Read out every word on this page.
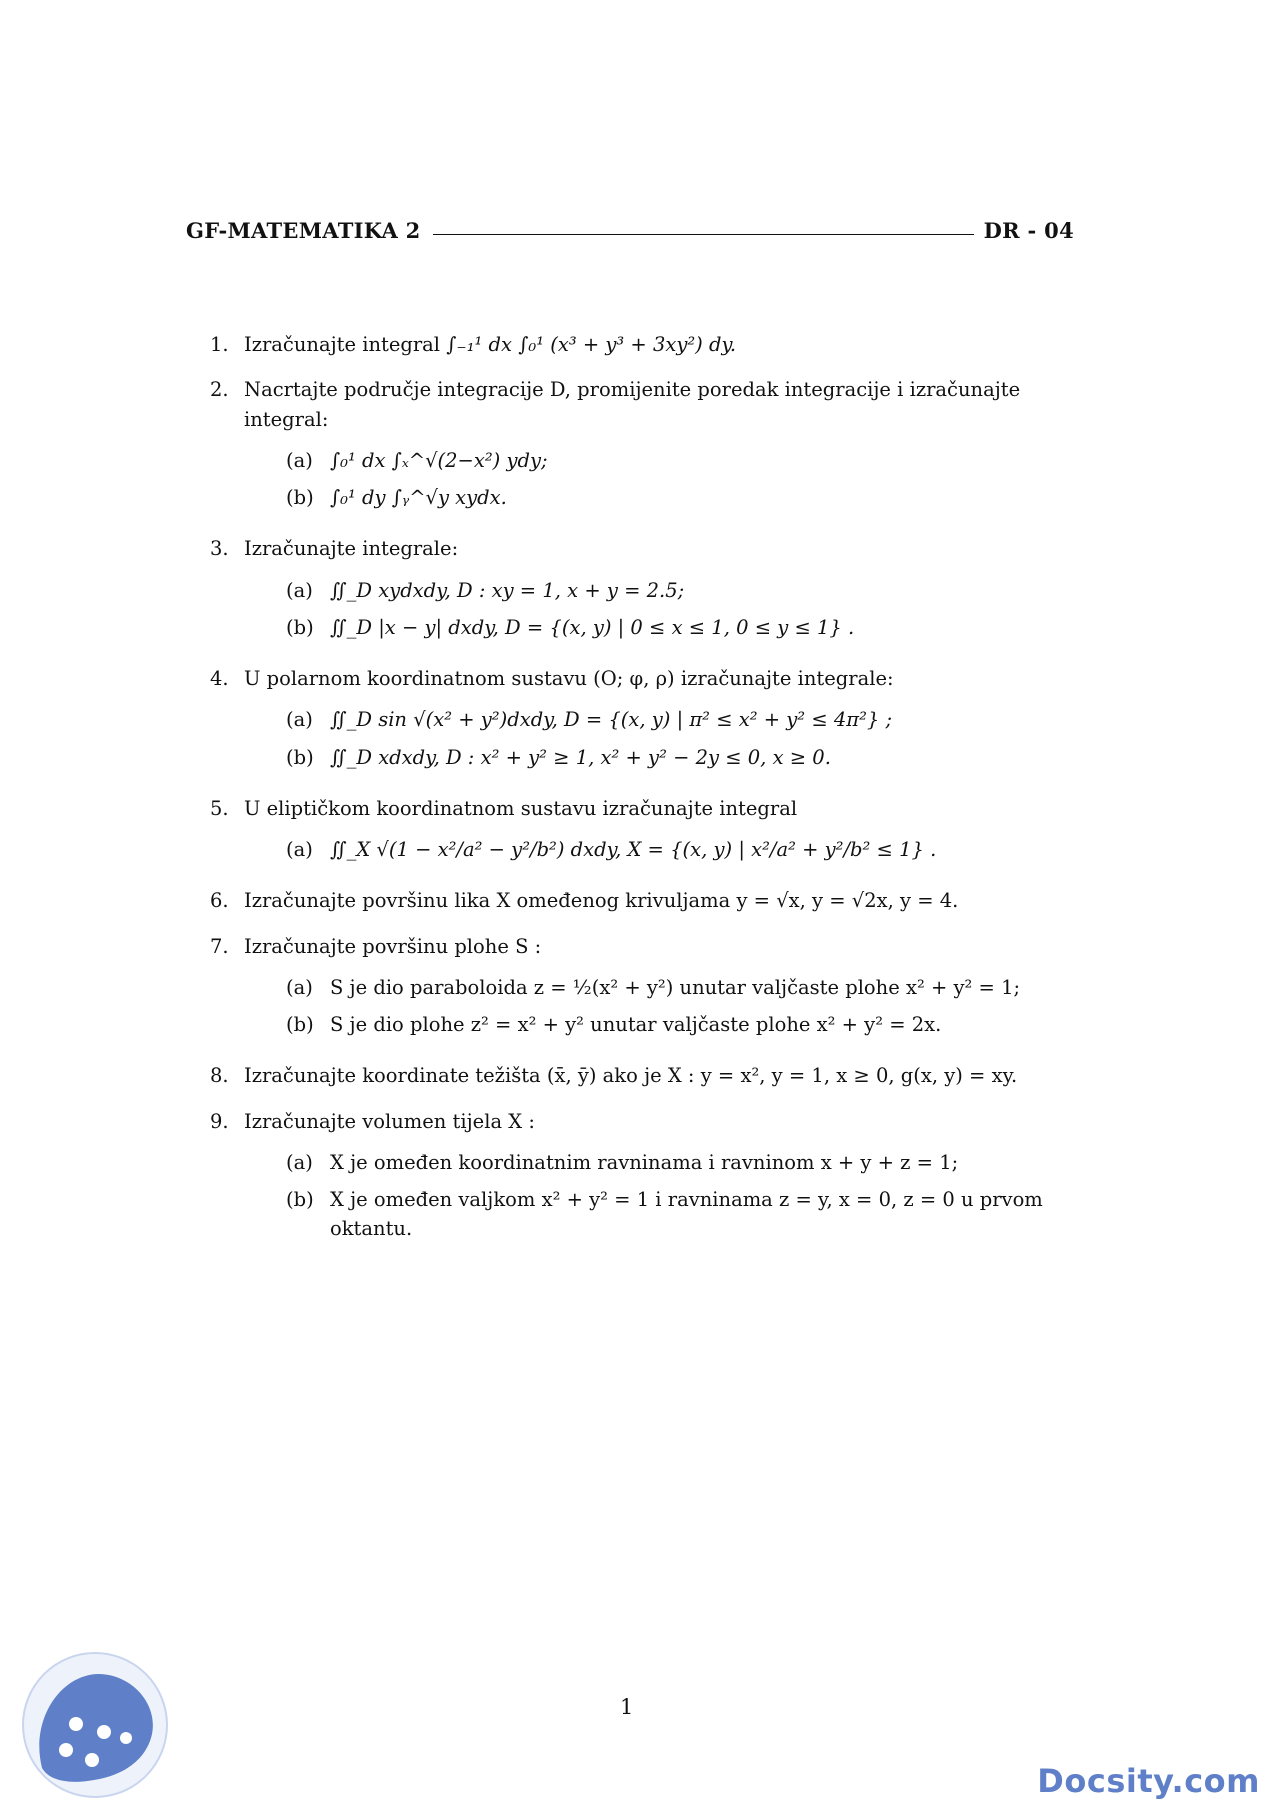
GF-MATEMATIKA 2	DR - 04
1. Izračunajte integral ∫₋₁¹ dx ∫₀¹ (x³ + y³ + 3xy²) dy.
2. Nacrtajte područje integracije D, promijenite poredak integracije i izračunajte integral:
(a) ∫₀¹ dx ∫ₓ^√(2−x²) ydy;
(b) ∫₀¹ dy ∫ᵧ^√y xydx.
3. Izračunajte integrale:
(a) ∬_D xydxdy, D : xy = 1, x + y = 2.5;
(b) ∬_D |x − y| dxdy, D = {(x, y) | 0 ≤ x ≤ 1, 0 ≤ y ≤ 1} .
4. U polarnom koordinatnom sustavu (O; φ, ρ) izračunajte integrale:
(a) ∬_D sin √(x² + y²)dxdy, D = {(x, y) | π² ≤ x² + y² ≤ 4π²} ;
(b) ∬_D xdxdy, D : x² + y² ≥ 1, x² + y² − 2y ≤ 0, x ≥ 0.
5. U eliptičkom koordinatnom sustavu izračunajte integral
(a) ∬_X √(1 − x²/a² − y²/b²) dxdy, X = {(x, y) | x²/a² + y²/b² ≤ 1} .
6. Izračunajte površinu lika X omeđenog krivuljama y = √x, y = √2x, y = 4.
7. Izračunajte površinu plohe S :
(a) S je dio paraboloida z = ½(x² + y²) unutar valjčaste plohe x² + y² = 1;
(b) S je dio plohe z² = x² + y² unutar valjčaste plohe x² + y² = 2x.
8. Izračunajte koordinate težišta (x̄, ȳ) ako je X : y = x², y = 1, x ≥ 0, g(x, y) = xy.
9. Izračunajte volumen tijela X :
(a) X je omeđen koordinatnim ravninama i ravninom x + y + z = 1;
(b) X je omeđen valjkom x² + y² = 1 i ravninama z = y, x = 0, z = 0 u prvom oktantu.
1
Docsity.com
